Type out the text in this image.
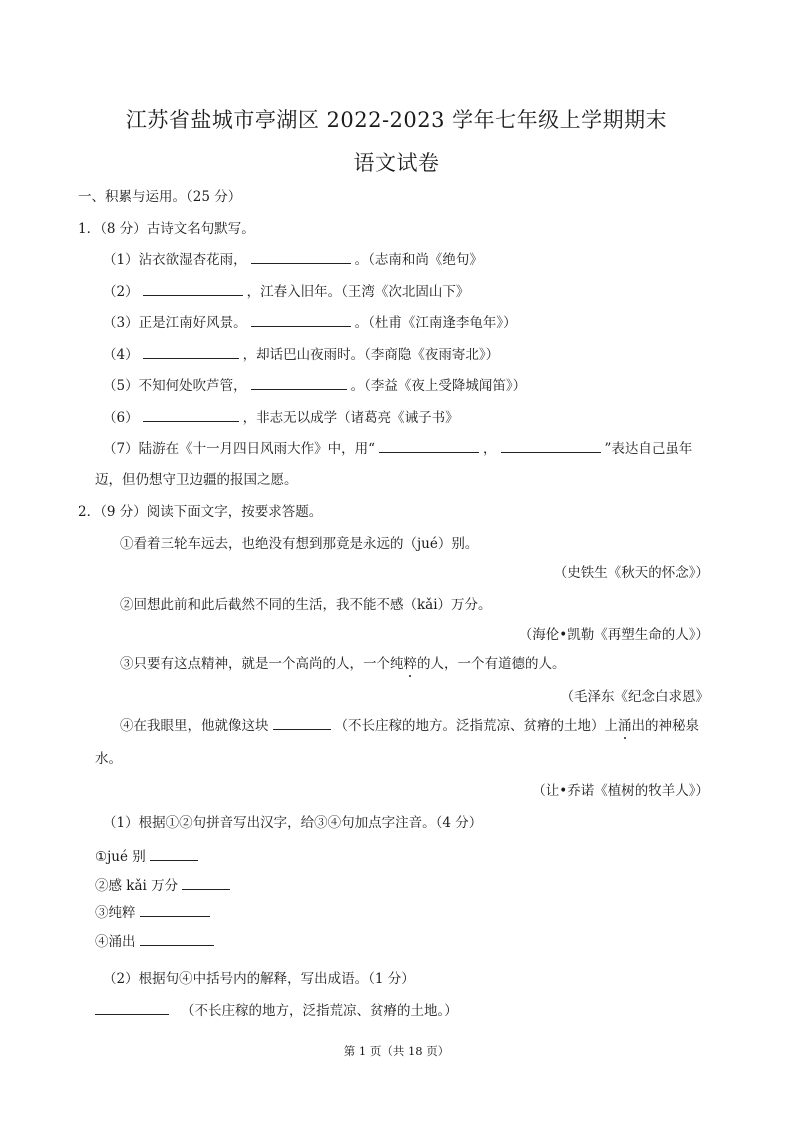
江苏省盐城市亭湖区 2022-2023 学年七年级上学期期末
语文试卷
一、积累与运用。（25 分）
1．（8 分）古诗文名句默写。
（1）沾衣欲湿杏花雨，	。（志南和尚《绝句》
（2）	，江春入旧年。（王湾《次北固山下》
（3）正是江南好风景。	。（杜甫《江南逢李龟年》）
（4）	，却话巴山夜雨时。（李商隐《夜雨寄北》）
（5）不知何处吹芦管，	。（李益《夜上受降城闻笛》）
（6）	，非志无以成学（诸葛亮《诫子书》
（7）陆游在《十一月四日风雨大作》中，用“	，	”表达自己虽年
迈，但仍想守卫边疆的报国之愿。
2．（9 分）阅读下面文字，按要求答题。
①看着三轮车远去，也绝没有想到那竟是永远的（jué）别。
（史铁生《秋天的怀念》）
②回想此前和此后截然不同的生活，我不能不感（kǎi）万分。
（海伦•凯勒《再塑生命的人》）
③只要有这点精神，就是一个高尚的人，一个纯粹的人，一个有道德的人。
（毛泽东《纪念白求恩》
④在我眼里，他就像这块	（不长庄稼的地方。泛指荒凉、贫瘠的土地）上涌出的神秘泉
水。
（让•乔诺《植树的牧羊人》）
（1）根据①②句拼音写出汉字，给③④句加点字注音。（4 分）
①jué 别
②感 kǎi 万分
③纯粹
④涌出
（2）根据句④中括号内的解释，写出成语。（1 分）
（不长庄稼的地方，泛指荒凉、贫瘠的土地。）
第 1 页（共 18 页）
